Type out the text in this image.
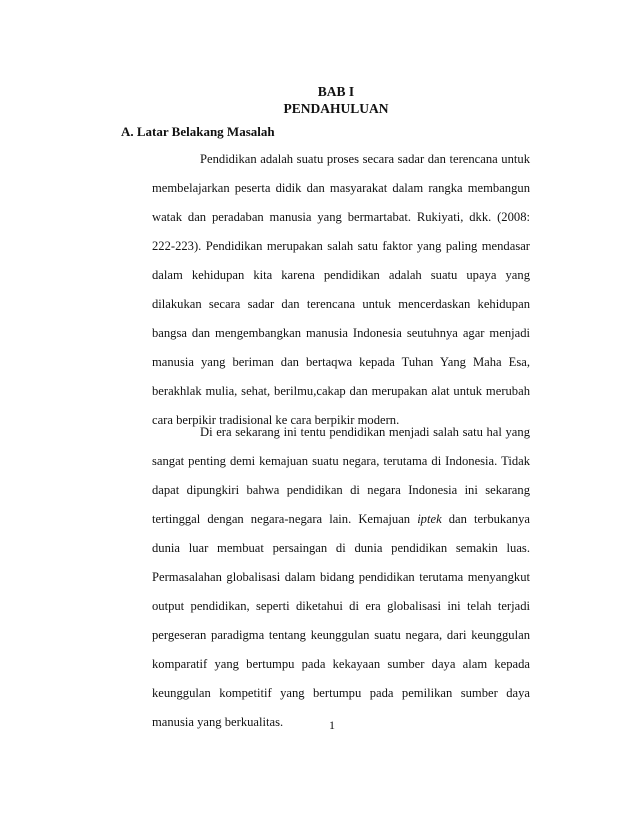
BAB I
PENDAHULUAN
A. Latar Belakang Masalah

Pendidikan adalah suatu proses secara sadar dan terencana untuk membelajarkan peserta didik dan masyarakat dalam rangka membangun watak dan peradaban manusia yang bermartabat. Rukiyati, dkk. (2008: 222-223). Pendidikan merupakan salah satu faktor yang paling mendasar dalam kehidupan kita karena pendidikan adalah suatu upaya yang dilakukan secara sadar dan terencana untuk mencerdaskan kehidupan bangsa dan mengembangkan manusia Indonesia seutuhnya agar menjadi manusia yang beriman dan bertaqwa kepada Tuhan Yang Maha Esa, berakhlak mulia, sehat, berilmu,cakap dan merupakan alat untuk merubah cara berpikir tradisional ke cara berpikir modern.

Di era sekarang ini tentu pendidikan menjadi salah satu hal yang sangat penting demi kemajuan suatu negara, terutama di Indonesia. Tidak dapat dipungkiri bahwa pendidikan di negara Indonesia ini sekarang tertinggal dengan negara-negara lain. Kemajuan iptek dan terbukanya dunia luar membuat persaingan di dunia pendidikan semakin luas. Permasalahan globalisasi dalam bidang pendidikan terutama menyangkut output pendidikan, seperti diketahui di era globalisasi ini telah terjadi pergeseran paradigma tentang keunggulan suatu negara, dari keunggulan komparatif yang bertumpu pada kekayaan sumber daya alam kepada keunggulan kompetitif yang bertumpu pada pemilikan sumber daya manusia yang berkualitas.	1
